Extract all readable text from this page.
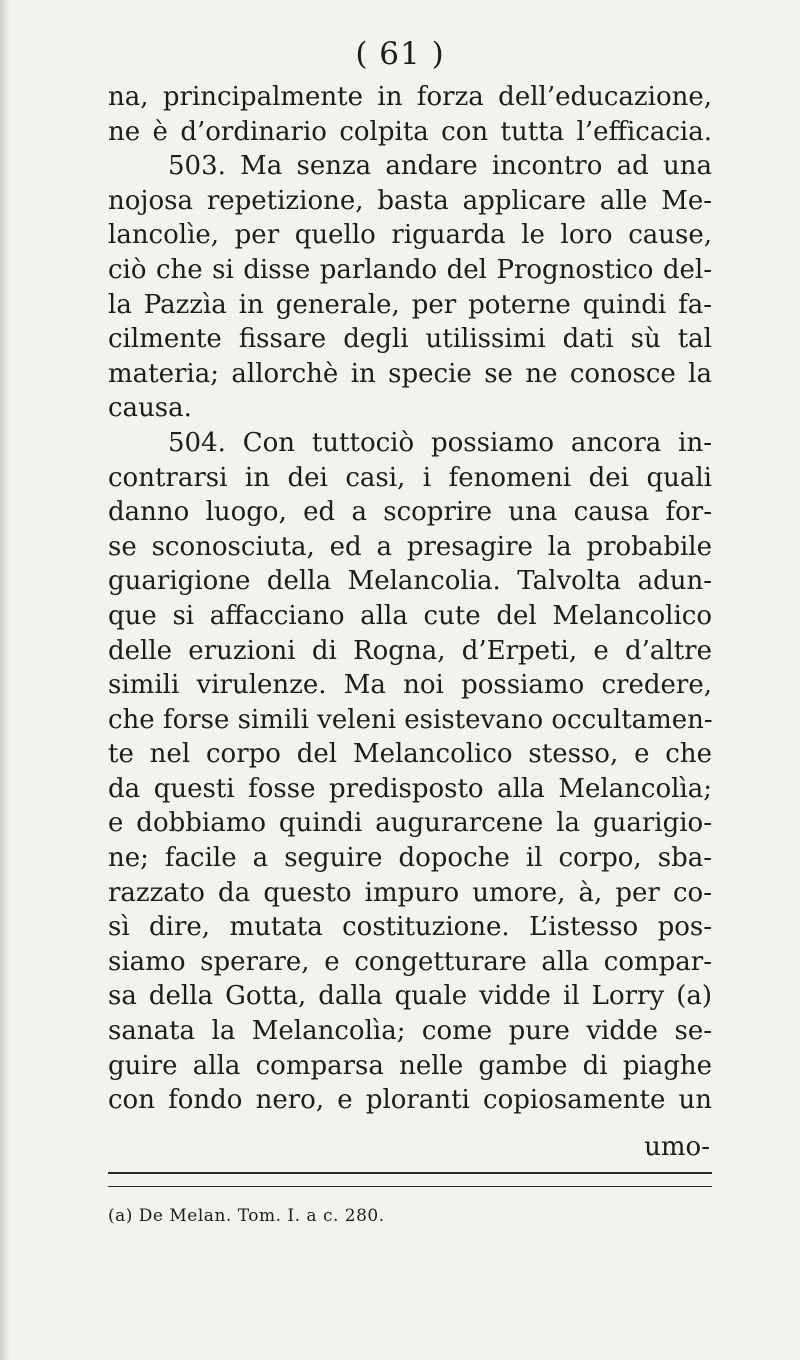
( 61 )
na, principalmente in forza dell’educazione,
ne è d’ordinario colpita con tutta l’efficacia.
503. Ma senza andare incontro ad una
nojosa repetizione, basta applicare alle Me-
lancolìe, per quello riguarda le loro cause,
ciò che si disse parlando del Prognostico del-
la Pazzìa in generale, per poterne quindi fa-
cilmente fissare degli utilissimi dati sù tal
materia; allorchè in specie se ne conosce la
causa.
504. Con tuttociò possiamo ancora in-
contrarsi in dei casi, i fenomeni dei quali
danno luogo, ed a scoprire una causa for-
se sconosciuta, ed a presagire la probabile
guarigione della Melancolia. Talvolta adun-
que si affacciano alla cute del Melancolico
delle eruzioni di Rogna, d’Erpeti, e d’altre
simili virulenze. Ma noi possiamo credere,
che forse simili veleni esistevano occultamen-
te nel corpo del Melancolico stesso, e che
da questi fosse predisposto alla Melancolìa;
e dobbiamo quindi augurarcene la guarigio-
ne; facile a seguire dopoche il corpo, sba-
razzato da questo impuro umore, à, per co-
sì dire, mutata costituzione. L’istesso pos-
siamo sperare, e congetturare alla compar-
sa della Gotta, dalla quale vidde il Lorry (a)
sanata la Melancolìa; come pure vidde se-
guire alla comparsa nelle gambe di piaghe
con fondo nero, e ploranti copiosamente un
umo-
(a) De Melan. Tom. I. a c. 280.
